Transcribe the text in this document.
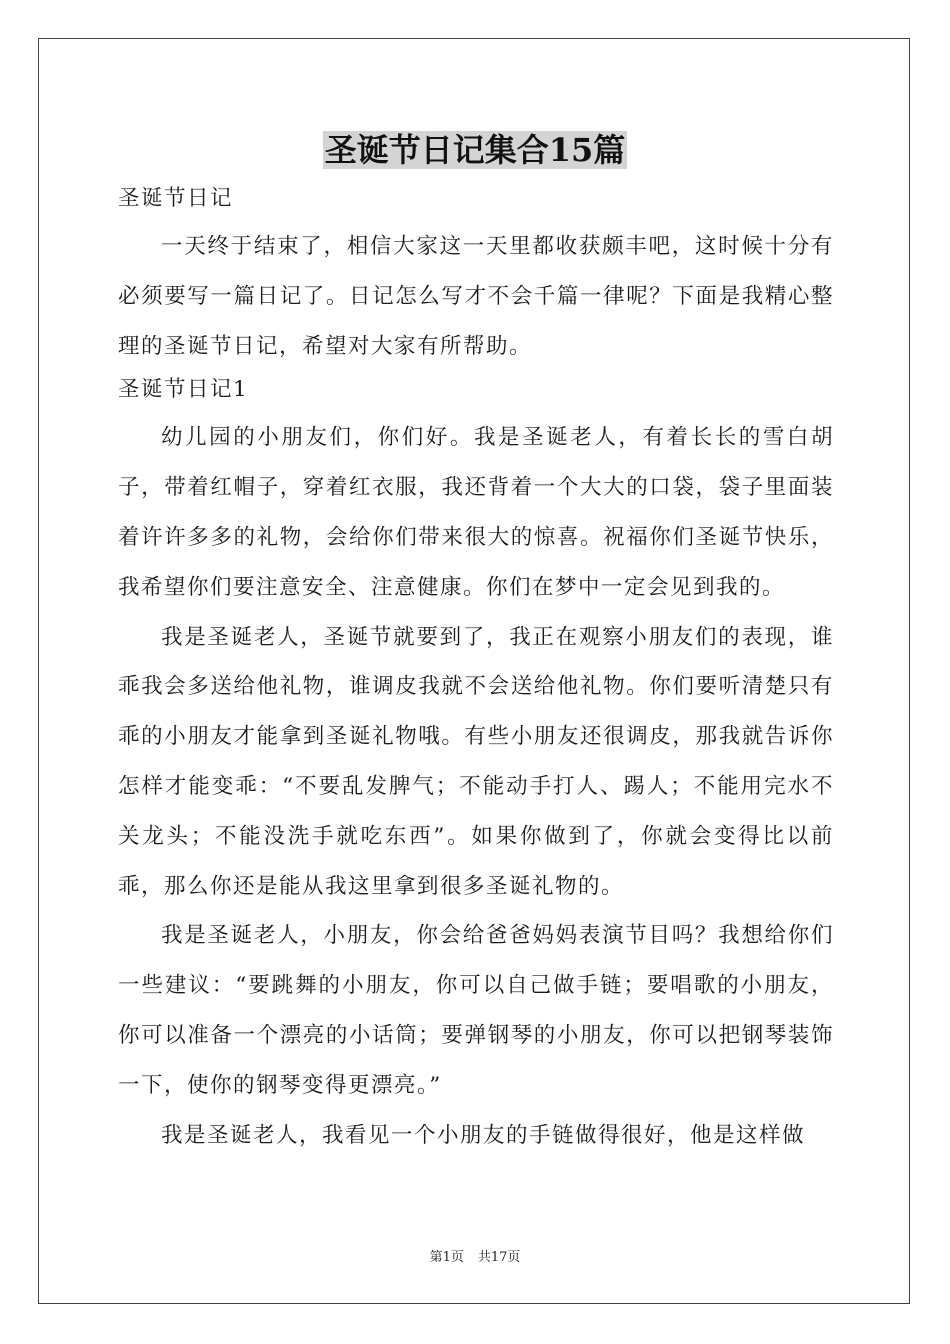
圣诞节日记集合15篇
圣诞节日记

一天终于结束了，相信大家这一天里都收获颇丰吧，这时候十分有必须要写一篇日记了。日记怎么写才不会千篇一律呢？下面是我精心整理的圣诞节日记，希望对大家有所帮助。

圣诞节日记1

幼儿园的小朋友们，你们好。我是圣诞老人，有着长长的雪白胡子，带着红帽子，穿着红衣服，我还背着一个大大的口袋，袋子里面装着许许多多的礼物，会给你们带来很大的惊喜。祝福你们圣诞节快乐，我希望你们要注意安全、注意健康。你们在梦中一定会见到我的。

我是圣诞老人，圣诞节就要到了，我正在观察小朋友们的表现，谁乖我会多送给他礼物，谁调皮我就不会送给他礼物。你们要听清楚只有乖的小朋友才能拿到圣诞礼物哦。有些小朋友还很调皮，那我就告诉你怎样才能变乖：“不要乱发脾气；不能动手打人、踢人；不能用完水不关龙头；不能没洗手就吃东西”。如果你做到了，你就会变得比以前乖，那么你还是能从我这里拿到很多圣诞礼物的。

我是圣诞老人，小朋友，你会给爸爸妈妈表演节目吗？我想给你们一些建议：“要跳舞的小朋友，你可以自己做手链；要唱歌的小朋友，你可以准备一个漂亮的小话筒；要弹钢琴的小朋友，你可以把钢琴装饰一下，使你的钢琴变得更漂亮。”

我是圣诞老人，我看见一个小朋友的手链做得很好，他是这样做

第1页 共17页
